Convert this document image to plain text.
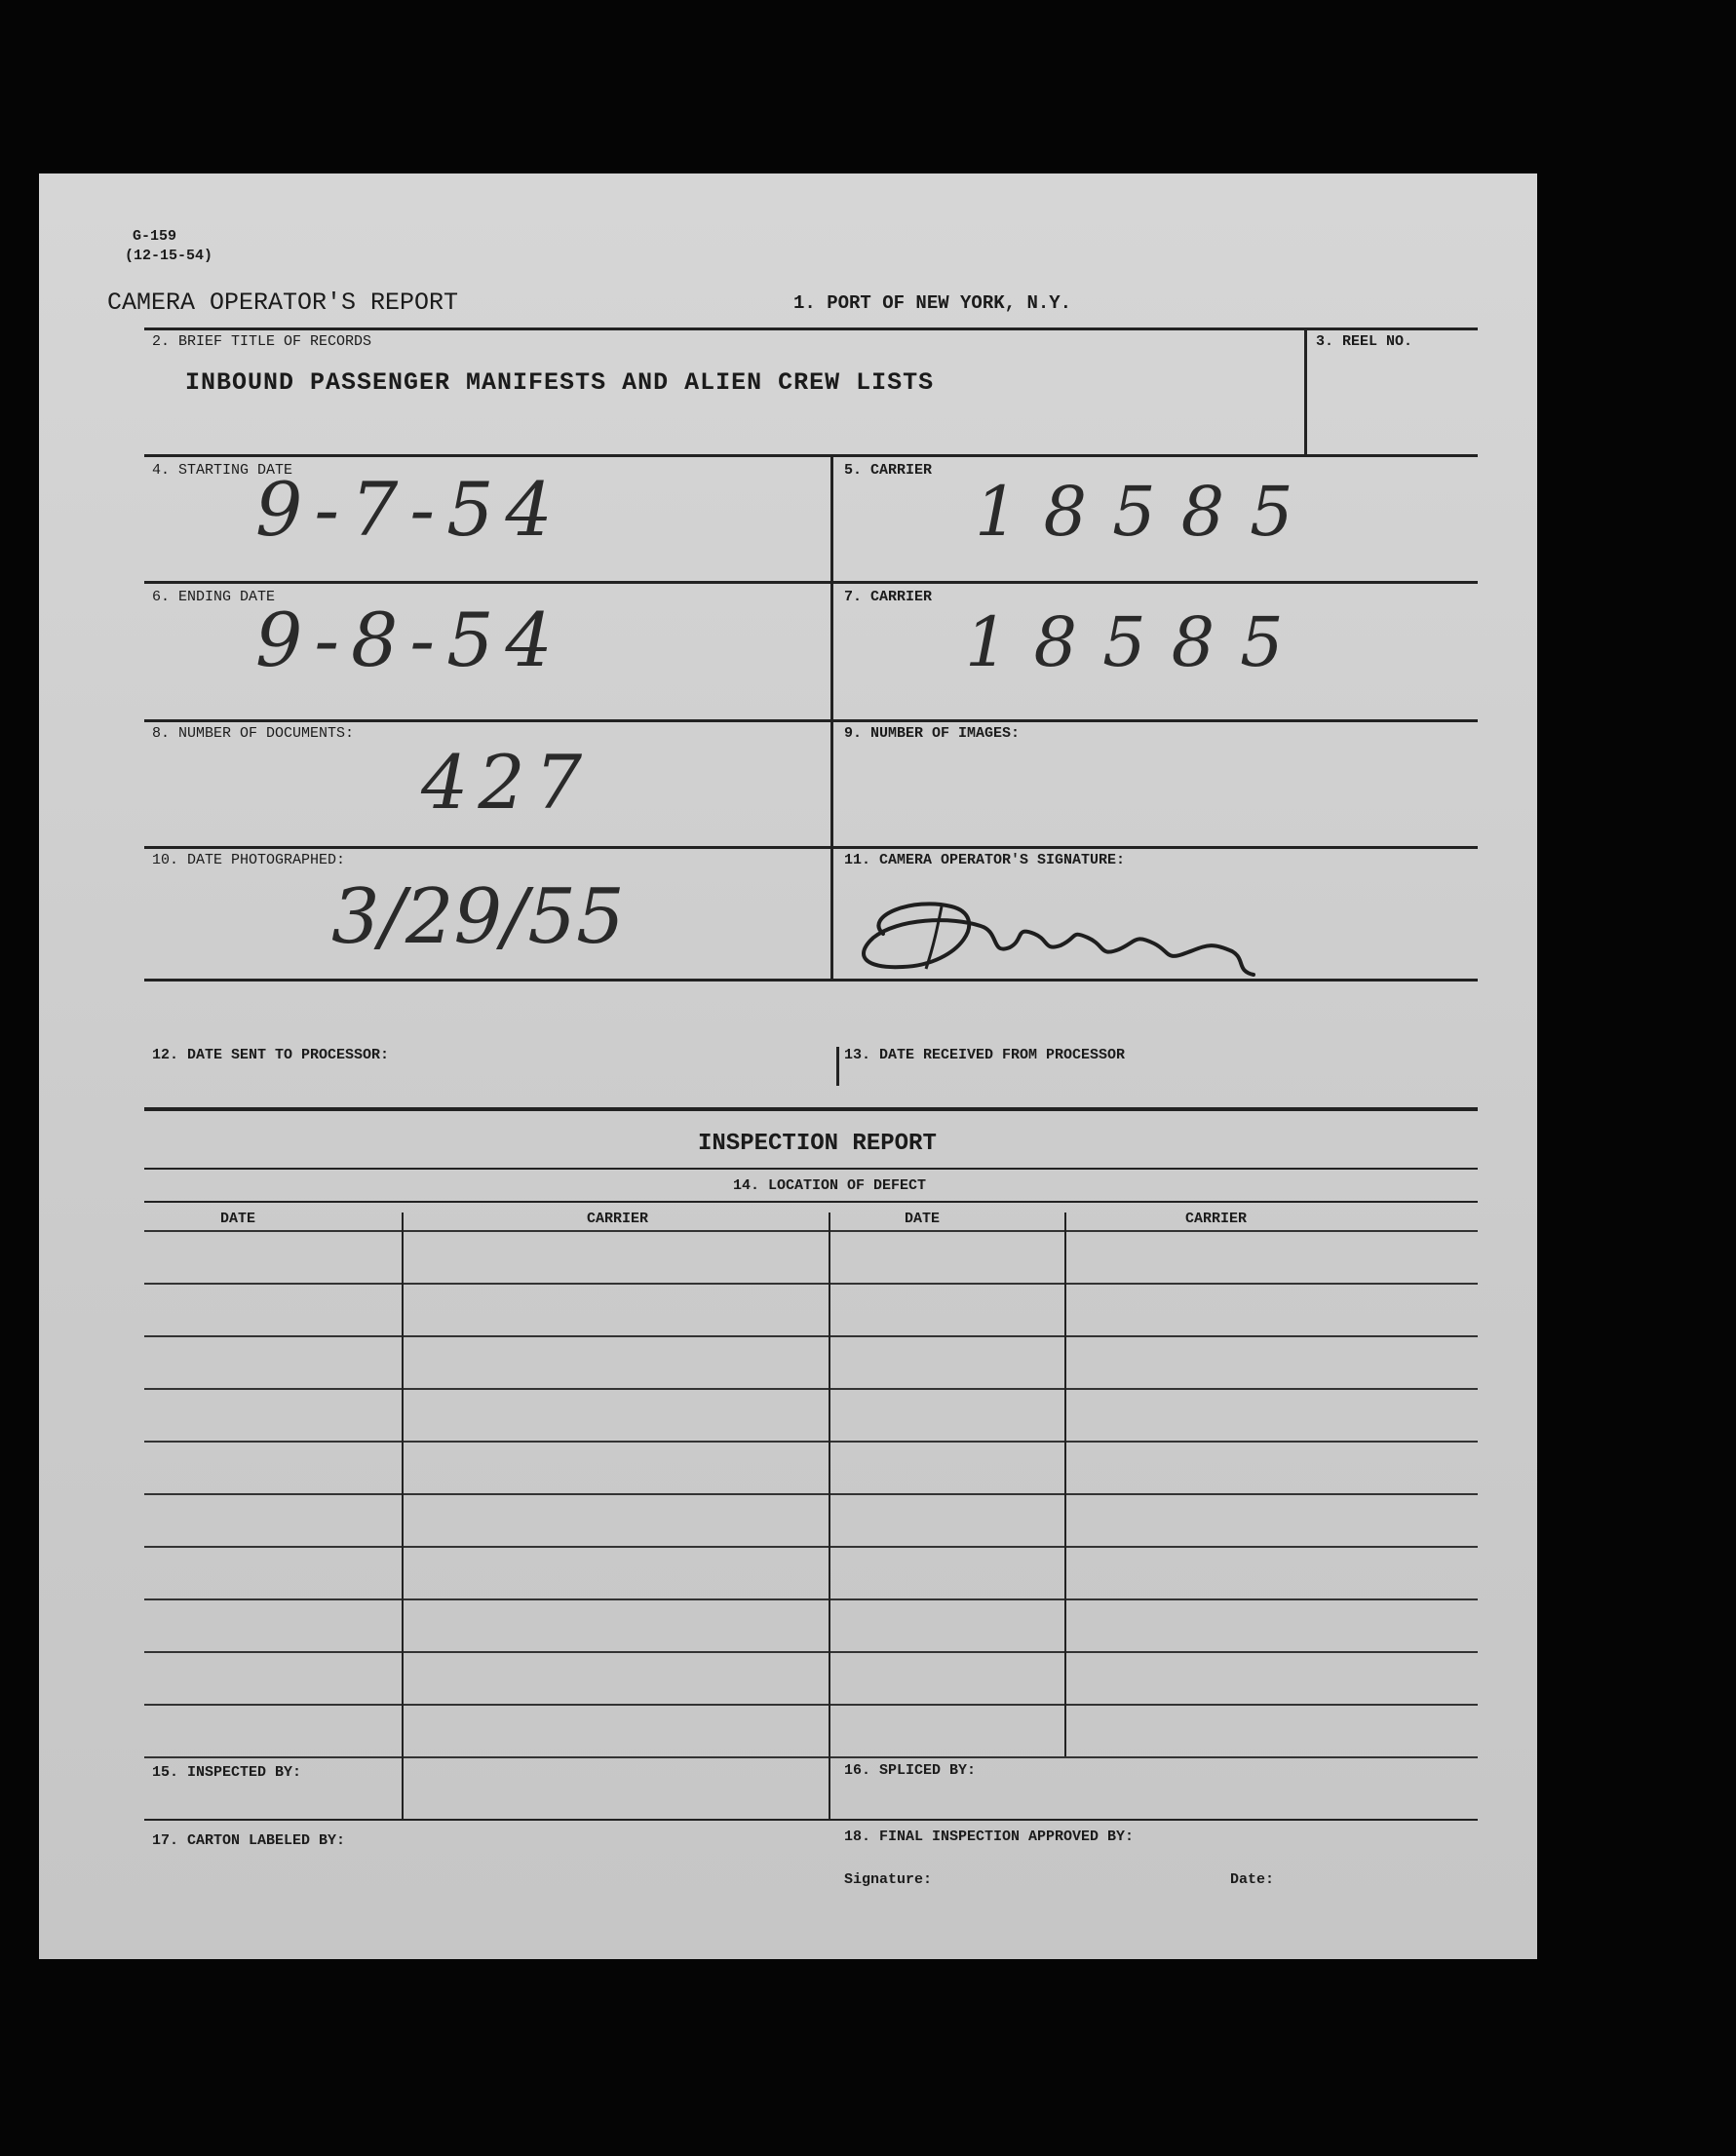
G-159
(12-15-54)
CAMERA OPERATOR'S REPORT	1. PORT OF NEW YORK, N.Y.
2. BRIEF TITLE OF RECORDS
INBOUND PASSENGER MANIFESTS AND ALIEN CREW LISTS
3. REEL NO.
4. STARTING DATE
9-7-54	5. CARRIER
18585
6. ENDING DATE
9-8-54	7. CARRIER
18585
8. NUMBER OF DOCUMENTS:
427
9. NUMBER OF IMAGES:
10. DATE PHOTOGRAPHED:
3/29/55
11. CAMERA OPERATOR'S SIGNATURE:
12. DATE SENT TO PROCESSOR:	13. DATE RECEIVED FROM PROCESSOR
INSPECTION REPORT
14. LOCATION OF DEFECT
DATE	CARRIER	DATE	CARRIER
15. INSPECTED BY:	16. SPLICED BY:
17. CARTON LABELED BY:	18. FINAL INSPECTION APPROVED BY:
Signature:	Date:
